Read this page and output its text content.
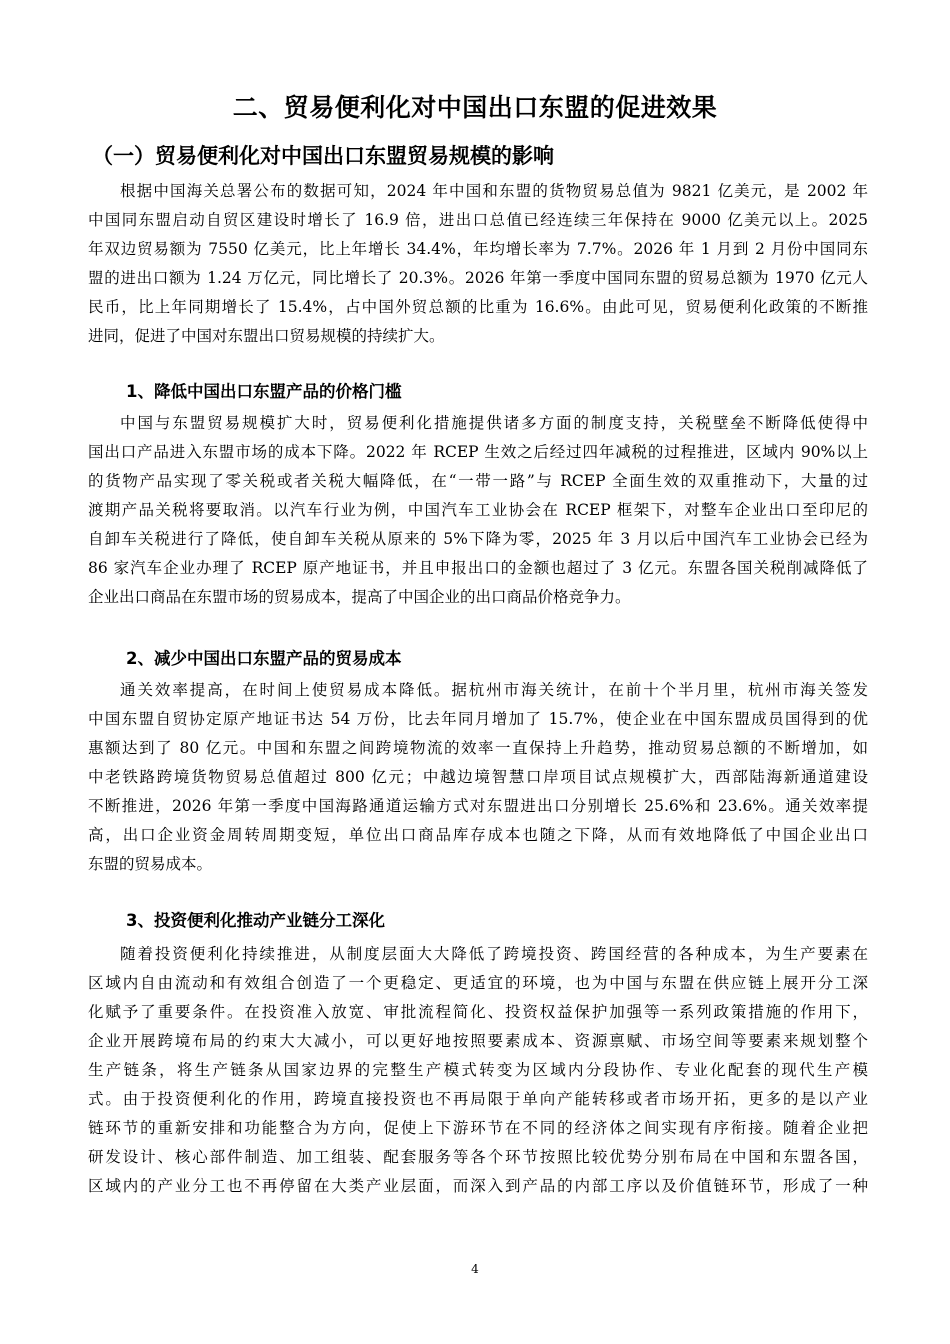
二、贸易便利化对中国出口东盟的促进效果
（一）贸易便利化对中国出口东盟贸易规模的影响
根据中国海关总署公布的数据可知，2024 年中国和东盟的货物贸易总值为 9821 亿美元，是 2002 年
中国同东盟启动自贸区建设时增长了 16.9 倍，进出口总值已经连续三年保持在 9000 亿美元以上。2025
年双边贸易额为 7550 亿美元，比上年增长 34.4%，年均增长率为 7.7%。2026 年 1 月到 2 月份中国同东
盟的进出口额为 1.24 万亿元，同比增长了 20.3%。2026 年第一季度中国同东盟的贸易总额为 1970 亿元人
民币，比上年同期增长了 15.4%，占中国外贸总额的比重为 16.6%。由此可见，贸易便利化政策的不断推
进同，促进了中国对东盟出口贸易规模的持续扩大。
1、降低中国出口东盟产品的价格门槛
中国与东盟贸易规模扩大时，贸易便利化措施提供诸多方面的制度支持，关税壁垒不断降低使得中
国出口产品进入东盟市场的成本下降。2022 年 RCEP 生效之后经过四年减税的过程推进，区域内 90%以上
的货物产品实现了零关税或者关税大幅降低，在“一带一路”与 RCEP 全面生效的双重推动下，大量的过
渡期产品关税将要取消。以汽车行业为例，中国汽车工业协会在 RCEP 框架下，对整车企业出口至印尼的
自卸车关税进行了降低，使自卸车关税从原来的 5%下降为零，2025 年 3 月以后中国汽车工业协会已经为
86 家汽车企业办理了 RCEP 原产地证书，并且申报出口的金额也超过了 3 亿元。东盟各国关税削减降低了
企业出口商品在东盟市场的贸易成本，提高了中国企业的出口商品价格竞争力。
2、减少中国出口东盟产品的贸易成本
通关效率提高，在时间上使贸易成本降低。据杭州市海关统计，在前十个半月里，杭州市海关签发
中国东盟自贸协定原产地证书达 54 万份，比去年同月增加了 15.7%，使企业在中国东盟成员国得到的优
惠额达到了 80 亿元。中国和东盟之间跨境物流的效率一直保持上升趋势，推动贸易总额的不断增加，如
中老铁路跨境货物贸易总值超过 800 亿元；中越边境智慧口岸项目试点规模扩大，西部陆海新通道建设
不断推进，2026 年第一季度中国海路通道运输方式对东盟进出口分别增长 25.6%和 23.6%。通关效率提
高，出口企业资金周转周期变短，单位出口商品库存成本也随之下降，从而有效地降低了中国企业出口
东盟的贸易成本。
3、投资便利化推动产业链分工深化
随着投资便利化持续推进，从制度层面大大降低了跨境投资、跨国经营的各种成本，为生产要素在
区域内自由流动和有效组合创造了一个更稳定、更适宜的环境，也为中国与东盟在供应链上展开分工深
化赋予了重要条件。在投资准入放宽、审批流程简化、投资权益保护加强等一系列政策措施的作用下，
企业开展跨境布局的约束大大减小，可以更好地按照要素成本、资源禀赋、市场空间等要素来规划整个
生产链条，将生产链条从国家边界的完整生产模式转变为区域内分段协作、专业化配套的现代生产模
式。由于投资便利化的作用，跨境直接投资也不再局限于单向产能转移或者市场开拓，更多的是以产业
链环节的重新安排和功能整合为方向，促使上下游环节在不同的经济体之间实现有序衔接。随着企业把
研发设计、核心部件制造、加工组装、配套服务等各个环节按照比较优势分别布局在中国和东盟各国，
区域内的产业分工也不再停留在大类产业层面，而深入到产品的内部工序以及价值链环节，形成了一种
4
